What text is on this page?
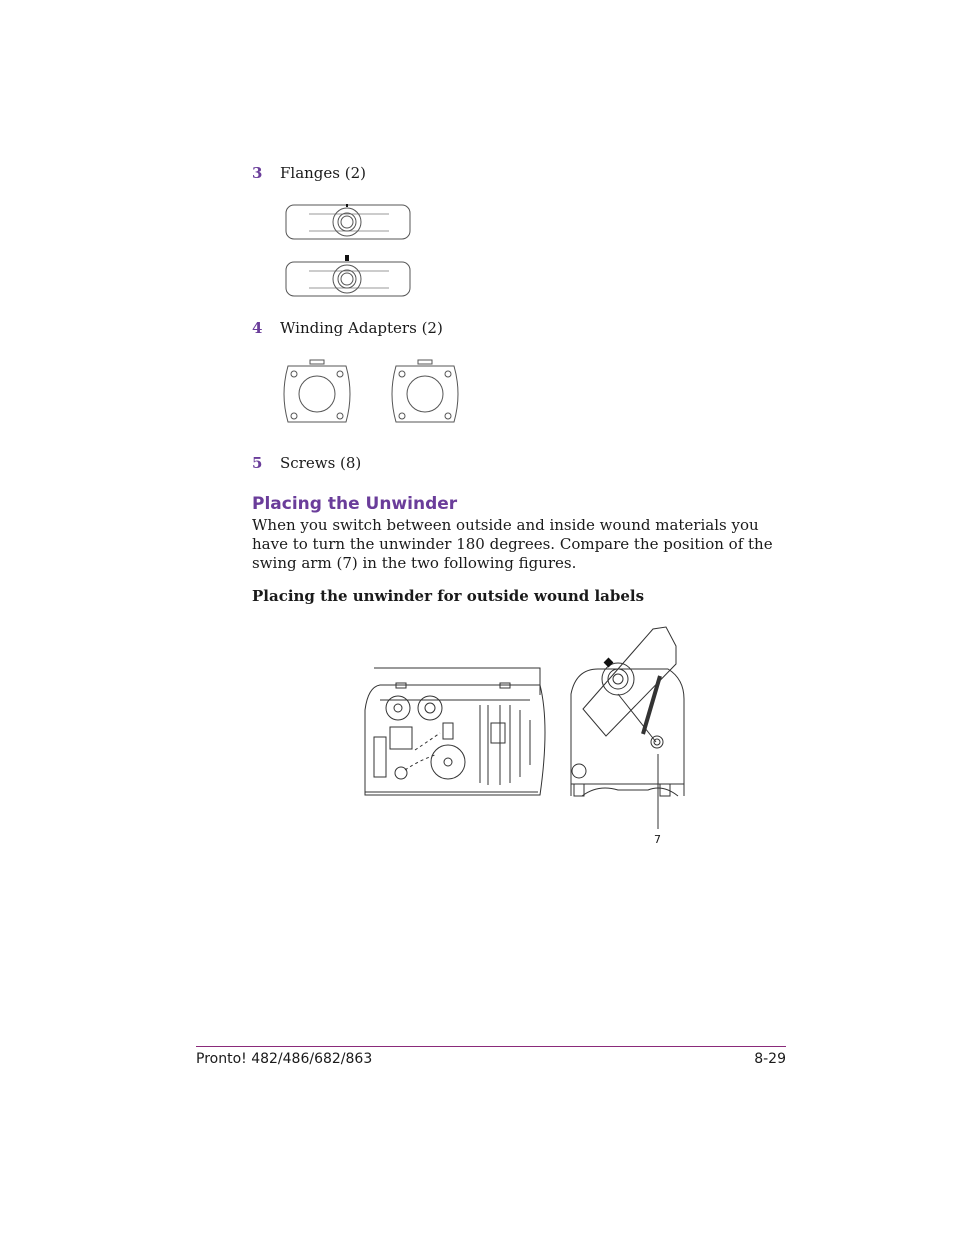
3 Flanges (2)
4 Winding Adapters (2)
5 Screws (8)
Placing the Unwinder
When you switch between outside and inside wound materials you have to turn the unwinder 180 degrees. Compare the position of the swing arm (7) in the two following figures.
Placing the unwinder for outside wound labels
7
Pronto! 482/486/682/863	8-29
